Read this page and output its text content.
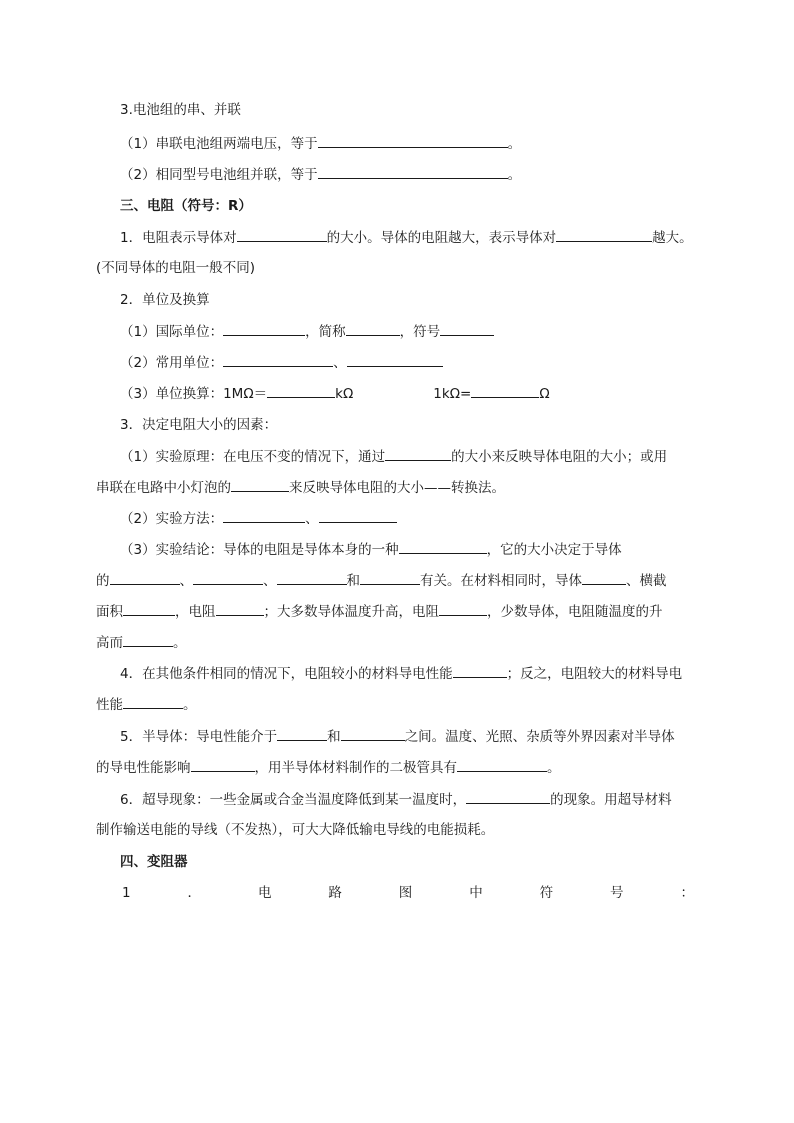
3.电池组的串、并联
（1）串联电池组两端电压，等于	。
（2）相同型号电池组并联，等于	。
三、电阻（符号：R）
1．电阻表示导体对	的大小。导体的电阻越大，表示导体对	越大。
(不同导体的电阻一般不同)
2．单位及换算
（1）国际单位：	，简称	，符号
（2）常用单位：	、
（3）单位换算：1MΩ＝	kΩ	1kΩ=	Ω
3．决定电阻大小的因素：
（1）实验原理：在电压不变的情况下，通过	的大小来反映导体电阻的大小；或用
串联在电路中小灯泡的	来反映导体电阻的大小——转换法。
（2）实验方法：	、
（3）实验结论：导体的电阻是导体本身的一种	，它的大小决定于导体
的	、	、	和	有关。在材料相同时，导体	、横截
面积	，电阻	；大多数导体温度升高，电阻	，少数导体，电阻随温度的升
高而	。
4．在其他条件相同的情况下，电阻较小的材料导电性能	；反之，电阻较大的材料导电
性能	。
5．半导体：导电性能介于	和	之间。温度、光照、杂质等外界因素对半导体
的导电性能影响	，用半导体材料制作的二极管具有	。
6．超导现象：一些金属或合金当温度降低到某一温度时，	的现象。用超导材料
制作输送电能的导线（不发热），可大大降低输电导线的电能损耗。
四、变阻器
1	．	电	路	图	中	符	号	：
